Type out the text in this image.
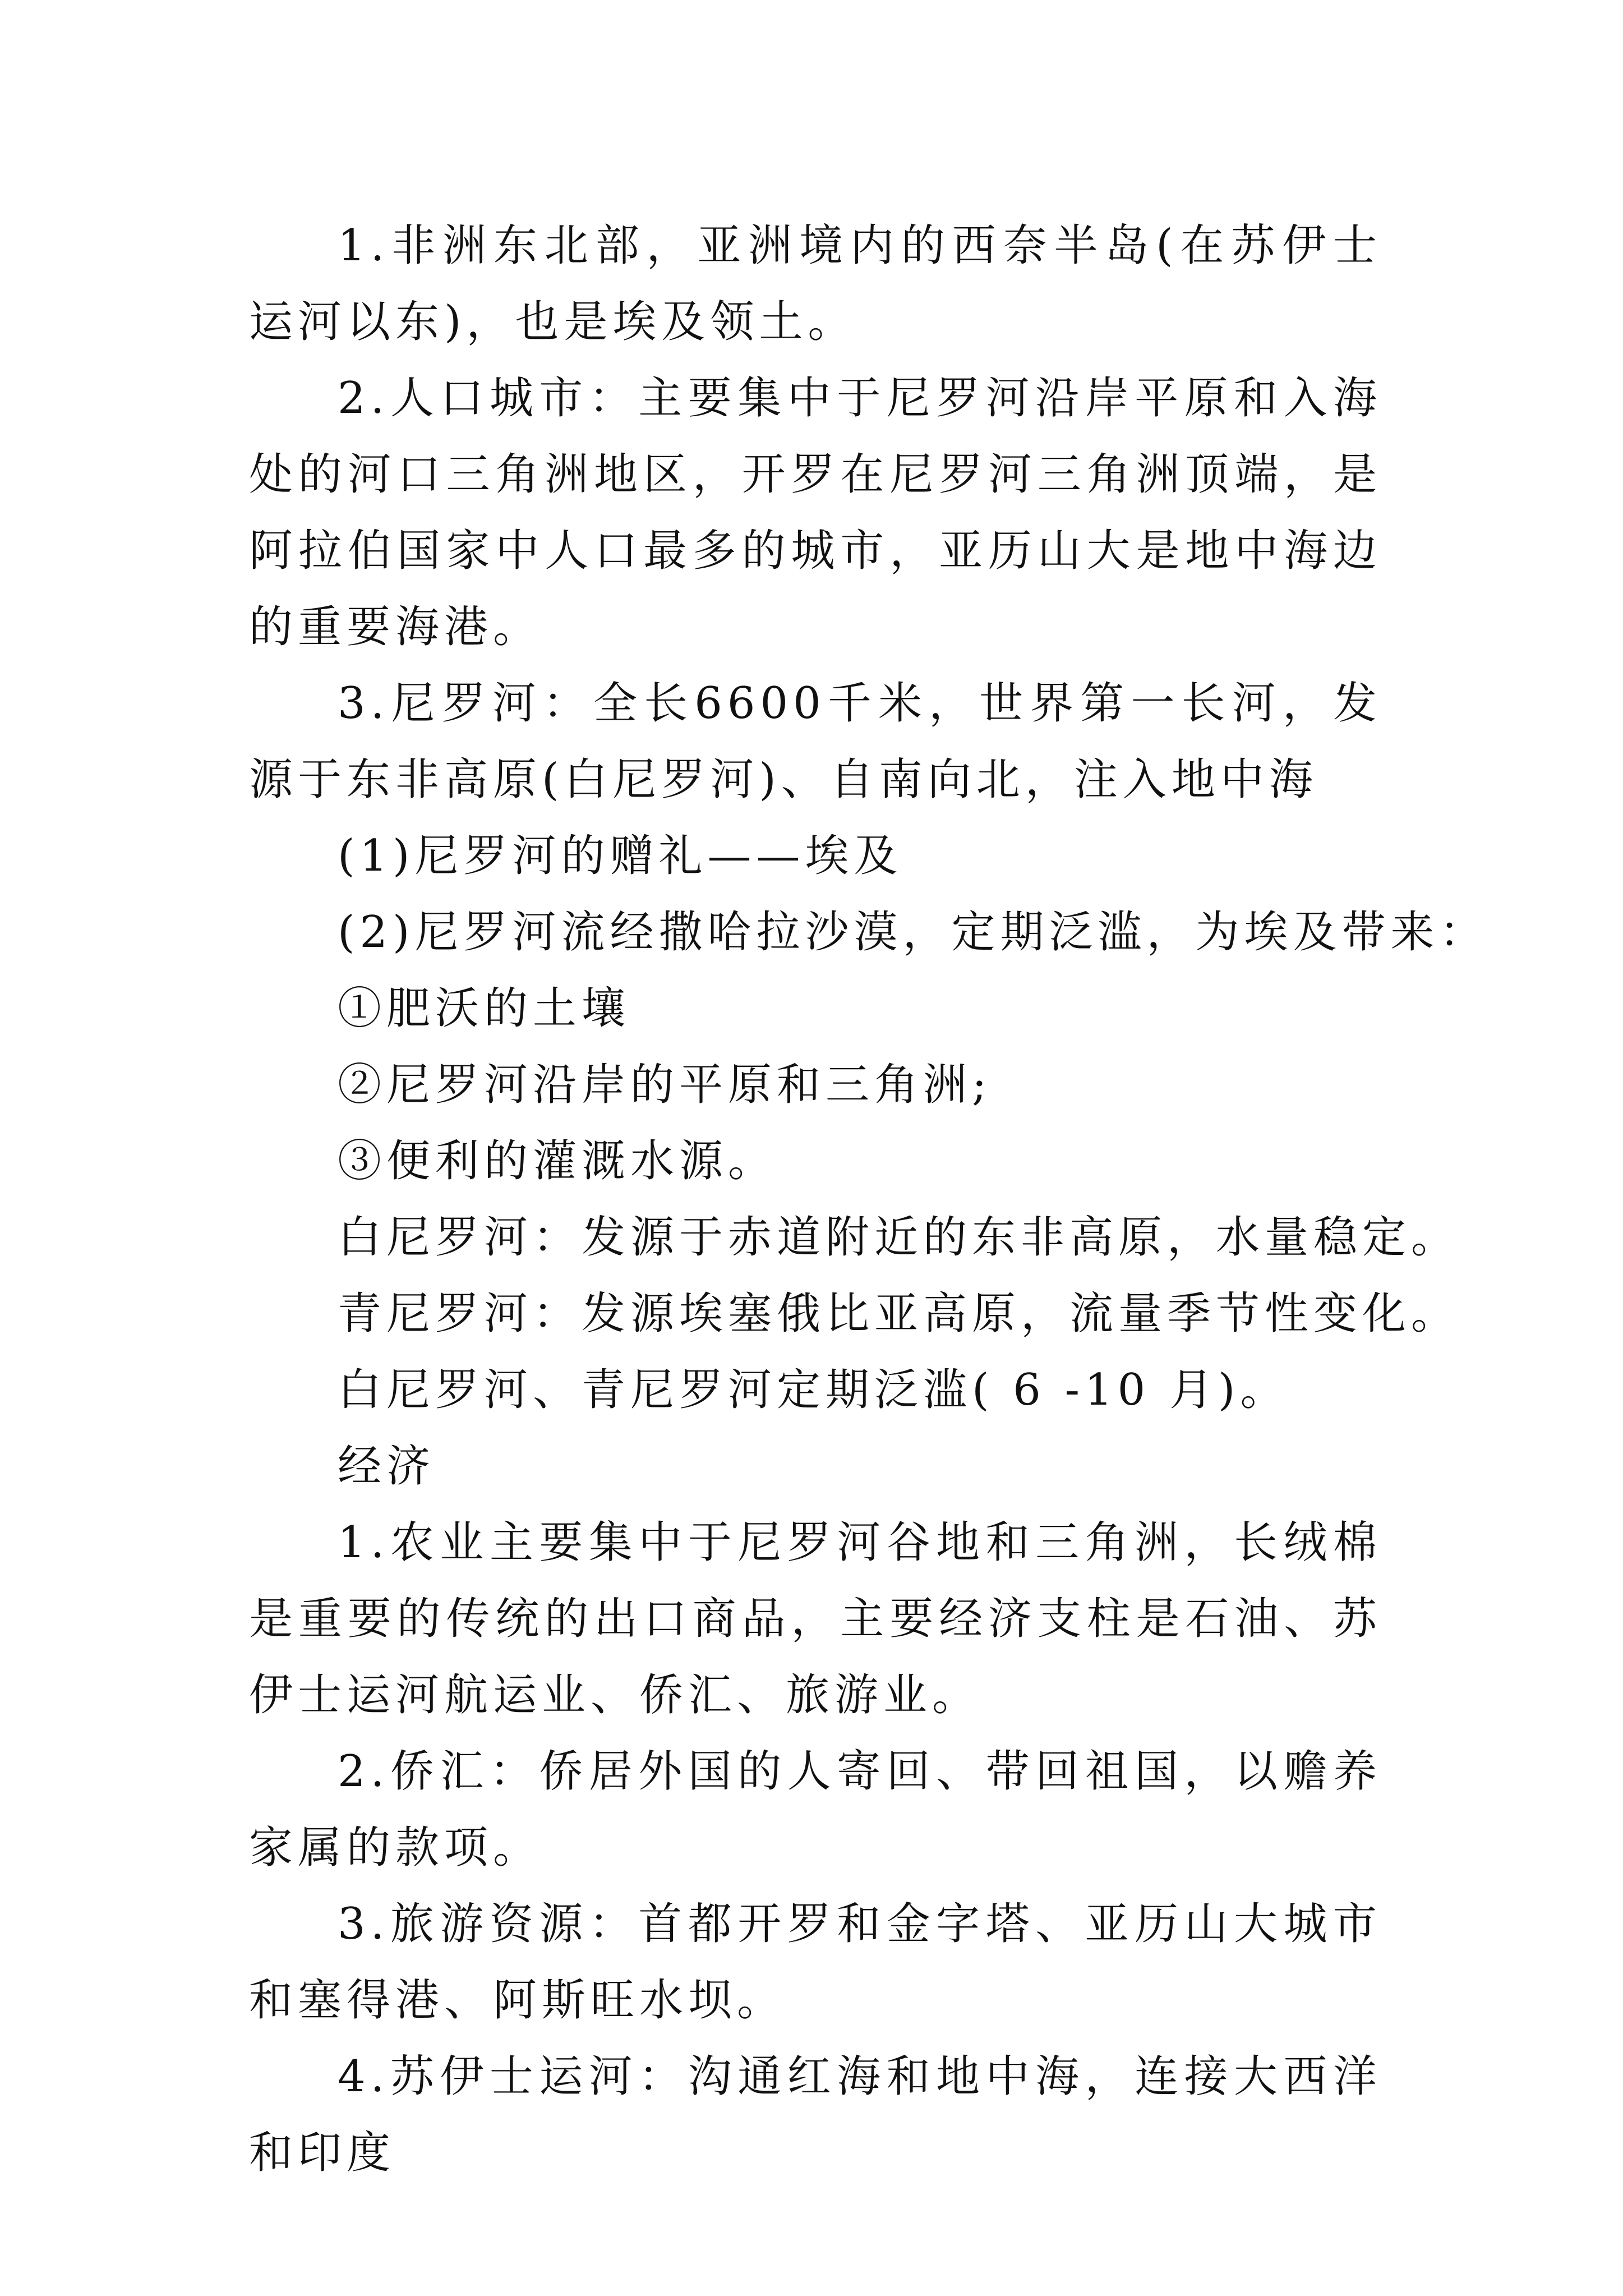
1.非洲东北部，亚洲境内的西奈半岛(在苏伊士运河以东)，也是埃及领土。

2.人口城市：主要集中于尼罗河沿岸平原和入海处的河口三角洲地区，开罗在尼罗河三角洲顶端，是阿拉伯国家中人口最多的城市，亚历山大是地中海边的重要海港。

3.尼罗河：全长6600千米，世界第一长河，发源于东非高原(白尼罗河)、自南向北，注入地中海

(1)尼罗河的赠礼——埃及

(2)尼罗河流经撒哈拉沙漠，定期泛滥，为埃及带来：

①肥沃的土壤

②尼罗河沿岸的平原和三角洲;

③便利的灌溉水源。

白尼罗河：发源于赤道附近的东非高原，水量稳定。

青尼罗河：发源埃塞俄比亚高原，流量季节性变化。

白尼罗河、青尼罗河定期泛滥( 6 -10 月)。

经济

1.农业主要集中于尼罗河谷地和三角洲，长绒棉是重要的传统的出口商品，主要经济支柱是石油、苏伊士运河航运业、侨汇、旅游业。

2.侨汇：侨居外国的人寄回、带回祖国，以赡养家属的款项。

3.旅游资源：首都开罗和金字塔、亚历山大城市和塞得港、阿斯旺水坝。

4.苏伊士运河：沟通红海和地中海，连接大西洋和印度
